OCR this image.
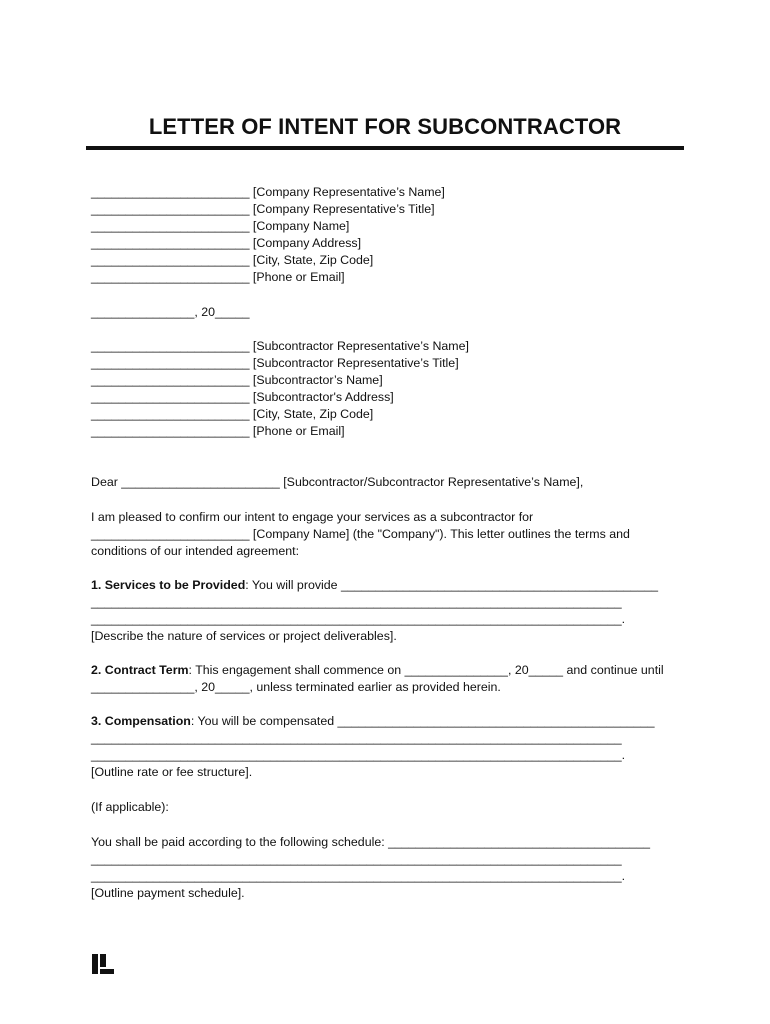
LETTER OF INTENT FOR SUBCONTRACTOR
_______________________ [Company Representative’s Name]
_______________________ [Company Representative’s Title]
_______________________ [Company Name]
_______________________ [Company Address]
_______________________ [City, State, Zip Code]
_______________________ [Phone or Email]
_______________, 20_____
_______________________ [Subcontractor Representative’s Name]
_______________________ [Subcontractor Representative’s Title]
_______________________ [Subcontractor’s Name]
_______________________ [Subcontractor's Address]
_______________________ [City, State, Zip Code]
_______________________ [Phone or Email]
Dear _______________________ [Subcontractor/Subcontractor Representative’s Name],
I am pleased to confirm our intent to engage your services as a subcontractor for
_______________________ [Company Name] (the "Company"). This letter outlines the terms and
conditions of our intended agreement:
1. Services to be Provided: You will provide ______________________________________________
_____________________________________________________________________________
_____________________________________________________________________________.
[Describe the nature of services or project deliverables].
2. Contract Term: This engagement shall commence on _______________, 20_____ and continue until
_______________, 20_____, unless terminated earlier as provided herein.
3. Compensation: You will be compensated ______________________________________________
_____________________________________________________________________________
_____________________________________________________________________________.
[Outline rate or fee structure].
(If applicable):
You shall be paid according to the following schedule: ______________________________________
_____________________________________________________________________________
_____________________________________________________________________________.
[Outline payment schedule].
